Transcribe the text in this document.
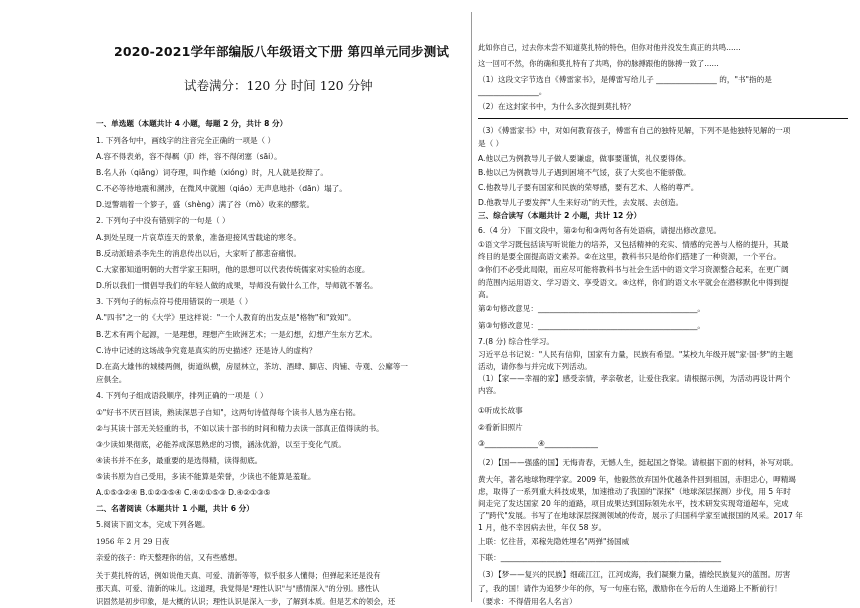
2020-2021学年部编版八年级语文下册 第四单元同步测试
试卷满分：120 分 时间 120 分钟
一、单选题（本题共计 4 小题，每题 2 分，共计 8 分）
1. 下列各句中，画线字的注音完全正确的一项是（ ）
A.容不得表弟，容不得羁（jī）绊，容不得闭塞（sāi）。
B.名人孙（qiǎng）词夺理，叫作蜷（xióng）时，凡人就是狡辩了。
C.不必等待地震和溯涉，在微风中就翘（qiáo）无声息地扑（dān）塌了。
D.逗警端着一个箩子，盛（shèng）满了谷（mò）收来的醪浆。
2. 下列句子中没有错别字的一句是（ ）
A.到处呈现一片哀草连天的景象，准备迎接风雪载途的寒冬。
B.反动派暗杀李先生的消息传出以后，大家听了都悲奋痛恨。
C.大家都知道明朝的大哲学家王阳明，他的思想可以代表传统儒家对实验的态度。
D.所以我们一惯倡导我们的年轻人做的成果，导师没有做什么工作，导师就不署名。
3. 下列句子的标点符号使用错误的一项是（ ）
A."四书"之一的《大学》里这样说："一个人教育的出发点是"格物"和"致知"。
B.艺术有两个起源，一是理想，理想产生欧洲艺术；一是幻想，幻想产生东方艺术。
C.诗中记述的这场战争究竟是真实的历史描述？还是诗人的虚构？
D.在高大雄伟的城楼两侧，街道纵横，房屋林立，茶坊、酒肆、脚店、肉铺、寺观、公廨等一
应俱全。
4. 下列句子组成语段顺序，排列正确的一项是（ ）
①"好书不厌百回读，熟读深思子自知"，这两句诗值得每个读书人恳为座右铭。
②与其读十部无关轻重的书，不如以读十部书的时间和精力去读一部真正值得读的书。
③少读如果彻底，必能养成深思熟虑的习惯，涵泳优游，以至于变化气质。
④读书并不在多，最重要的是选得精，读得彻底。
⑤读书原为自己受用，多读不能算是荣誉，少读也不能算是羞耻。
A.①⑤③②④ B.①②③⑤④ C.④②①⑤③ D.④②①③⑤
二、名著阅读（本题共计 1 小题，共计 6 分）
5.阅读下面文本，完成下列各题。
1956 年 2 月 29 日夜
亲爱的孩子：昨天整理你的信，又有些感想。
关于莫扎特的话，例如说他天真、可爱、清新等等，似乎很多人懂得；但弹起来还是没有
那天真、可爱、清新的味儿。这道理，我觉得是"理性认识"与"感情深入"的分别。感性认
识固然是初步印象，是大概的认识；理性认识是深入一步，了解到本质。但是艺术的领会，还
此如你自己，过去你未尝不知道莫扎特的特色，但你对他并没发生真正的共鸣……
这一回可不然，你的确和莫扎特有了共鸣，你的脉搏跟他的脉搏一致了……
（1）这段文字节选自《傅雷家书》，是傅雷写给儿子 ________________ 的，"书"指的是
________________。
（2）在这封家书中，为什么多次提到莫扎特？
（3）《傅雷家书》中，对如何教育孩子，傅雷有自己的独特见解，下列不是他独特见解的一项
是（ ）
A.他以己为例教导儿子做人要谦虚，做事要谨慎，礼仪要得体。
B.他以己为例教导儿子遇到困境不气馁，获了大奖也不能骄傲。
C.他教导儿子要有国家和民族的荣辱感，要有艺术、人格的尊严。
D.他教导儿子要发挥"人生来好动"的天性，去发展、去创造。
三、综合读写（本题共计 2 小题，共计 12 分）
6.（4 分） 下面文段中，第②句和③两句各有处语病，请提出修改意见。
①语文学习既包括读写听说能力的培养，又包括精神的充实、情感的完善与人格的提升，其最
终目的是要全面提高语文素养。②在这里，教科书只是给你们搭建了一种资源，一个平台。
③你们不必受此局限，而应尽可能将教科书与社会生活中的语文学习资源整合起来，在更广阔
的范围内运用语文、学习语文、享受语文。④这样，你们的语文水平就会在潜移默化中得到提
高。
第②句修改意见：__________________________________________。
第③句修改意见：__________________________________________。
7.(8 分) 综合性学习。
习近平总书记说："人民有信仰，国家有力量，民族有希望。"某校九年级开展"家·国·梦"的主题
活动，请你参与并完成下列活动。
（1）【家——幸福的家】感受亲情，孝亲敬老，让爱住我家。请根据示例，为活动再设计两个
内容。
①听成长故事
②看新旧照片
③______________④______________
（2）【国——强盛的国】无悔青春，无憾人生，挺起国之脊梁。请根据下面的材料，补写对联。
黄大年，著名地球物理学家。2009 年，他毅然放弃国外优越条件回到祖国，赤胆忠心，呷精竭
虑，取得了一系列重大科技成果，加速推动了我国的"深探"（地球深层探测）步伐，用 5 年时
间走完了发达国家 20 年的道路，项目成果达到国际领先水平，技术研发实现弯道超车，完成
了"跨代"发展。书写了在地球深层探测领域的传奇，展示了归国科学家至诚报国的风采。2017 年
1 月，他不幸因病去世，年仅 58 岁。
上联：忆往昔，邓稼先隐姓埋名"两弹"扬国威
下联：__________________________________________________________
（3）【梦——复兴的民族】细疏江江，江河成海，我们凝聚力量，描绘民族复兴的蓝图。厉害
了，我的国！请作为追梦少年的你，写一句座右铭，激励你在今后的人生道路上不断前行！
（要求：不得借用名人名言）
